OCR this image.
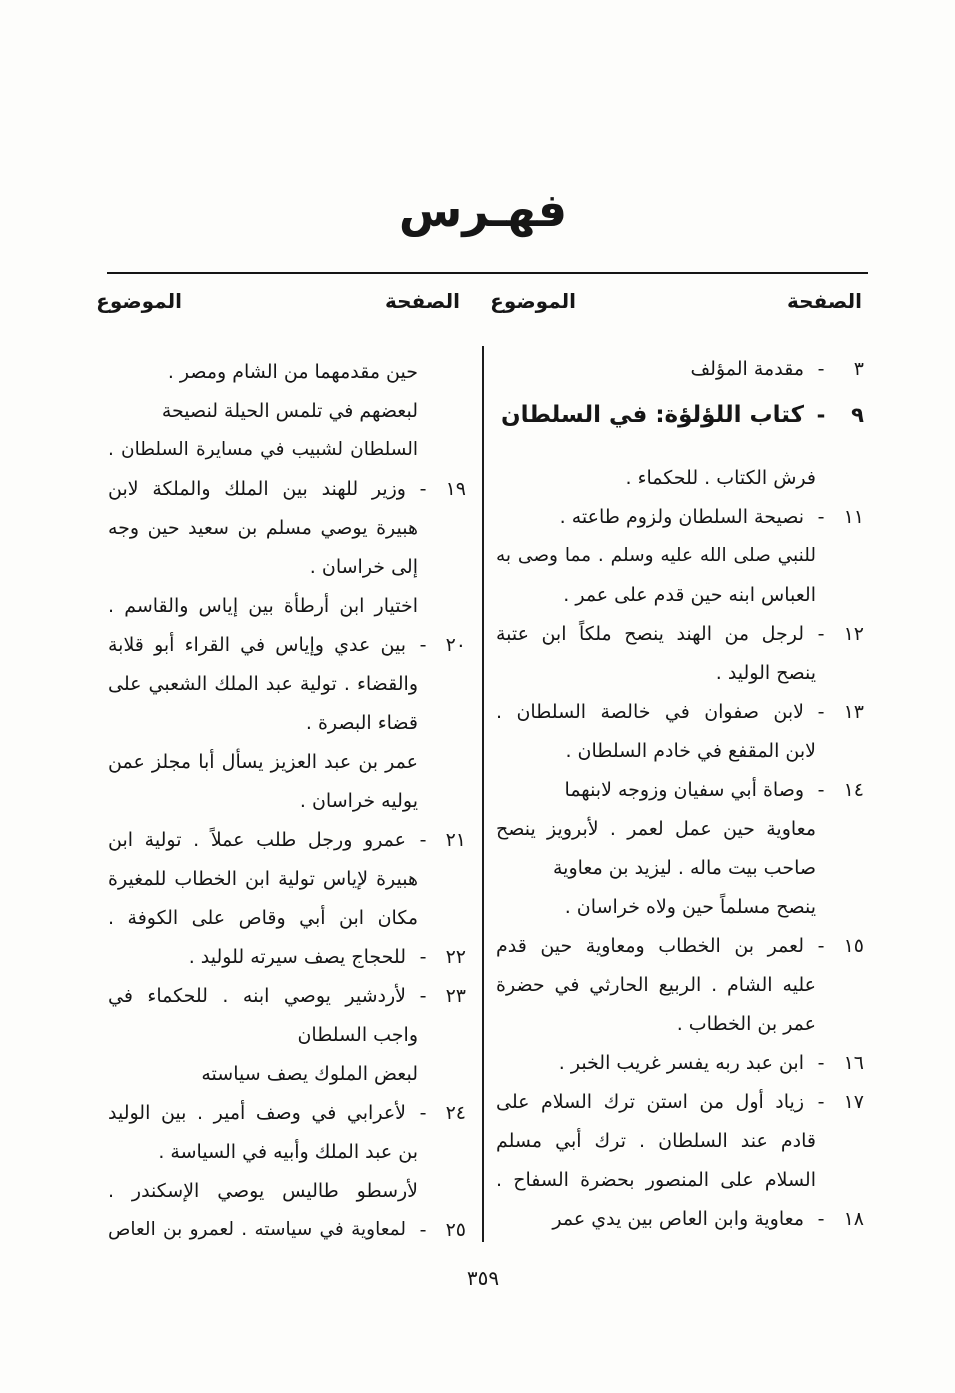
فهـرس
الصفحة
الموضوع
الصفحة
الموضوع
٣
-
مقدمة المؤلف
٩
-
كتاب اللؤلؤة: في السلطان
فرش الكتاب . للحكماء .
١١
-
نصيحة السلطان ولزوم طاعته .
للنبي صلى الله عليه وسلم . مما وصى به
العباس ابنه حين قدم على عمر .
١٢
-
لرجل من الهند ينصح ملكاً ابن عتبة
ينصح الوليد .
١٣
-
لابن صفوان في خالصة السلطان .
لابن المقفع في خادم السلطان .
١٤
-
وصاة أبي سفيان وزوجه لابنهما
معاوية حين عمل لعمر . لأبرويز ينصح
صاحب بيت ماله . ليزيد بن معاوية
ينصح مسلماً حين ولاه خراسان .
١٥
-
لعمر بن الخطاب ومعاوية حين قدم
عليه الشام . الربيع الحارثي في حضرة
عمر بن الخطاب .
١٦
-
ابن عبد ربه يفسر غريب الخبر .
١٧
-
زياد أول من استن ترك السلام على
قادم عند السلطان . ترك أبي مسلم
السلام على المنصور بحضرة السفاح .
١٨
-
معاوية وابن العاص بين يدي عمر
حين مقدمهما من الشام ومصر .
لبعضهم في تلمس الحيلة لنصيحة
السلطان لشبيب في مسايرة السلطان .
١٩
-
وزير للهند بين الملك والملكة لابن
هبيرة يوصي مسلم بن سعيد حين وجه
إلى خراسان .
اختيار ابن أرطأة بين إياس والقاسم .
٢٠
-
بين عدي وإياس في القراء أبو قلابة
والقضاء . تولية عبد الملك الشعبي على
قضاء البصرة .
عمر بن عبد العزيز يسأل أبا مجلز عمن
يوليه خراسان .
٢١
-
عمرو ورجل طلب عملاً . تولية ابن
هبيرة لإياس تولية ابن الخطاب للمغيرة
مكان ابن أبي وقاص على الكوفة .
٢٢
-
للحجاج يصف سيرته للوليد .
٢٣
-
لأردشير يوصي ابنه . للحكماء في
واجب السلطان
لبعض الملوك يصف سياسته
٢٤
-
لأعرابي في وصف أمير . بين الوليد
بن عبد الملك وأبيه في السياسة .
لأرسطو طاليس يوصي الإسكندر .
٢٥
-
لمعاوية في سياسته . لعمرو بن العاص
٣٥٩
